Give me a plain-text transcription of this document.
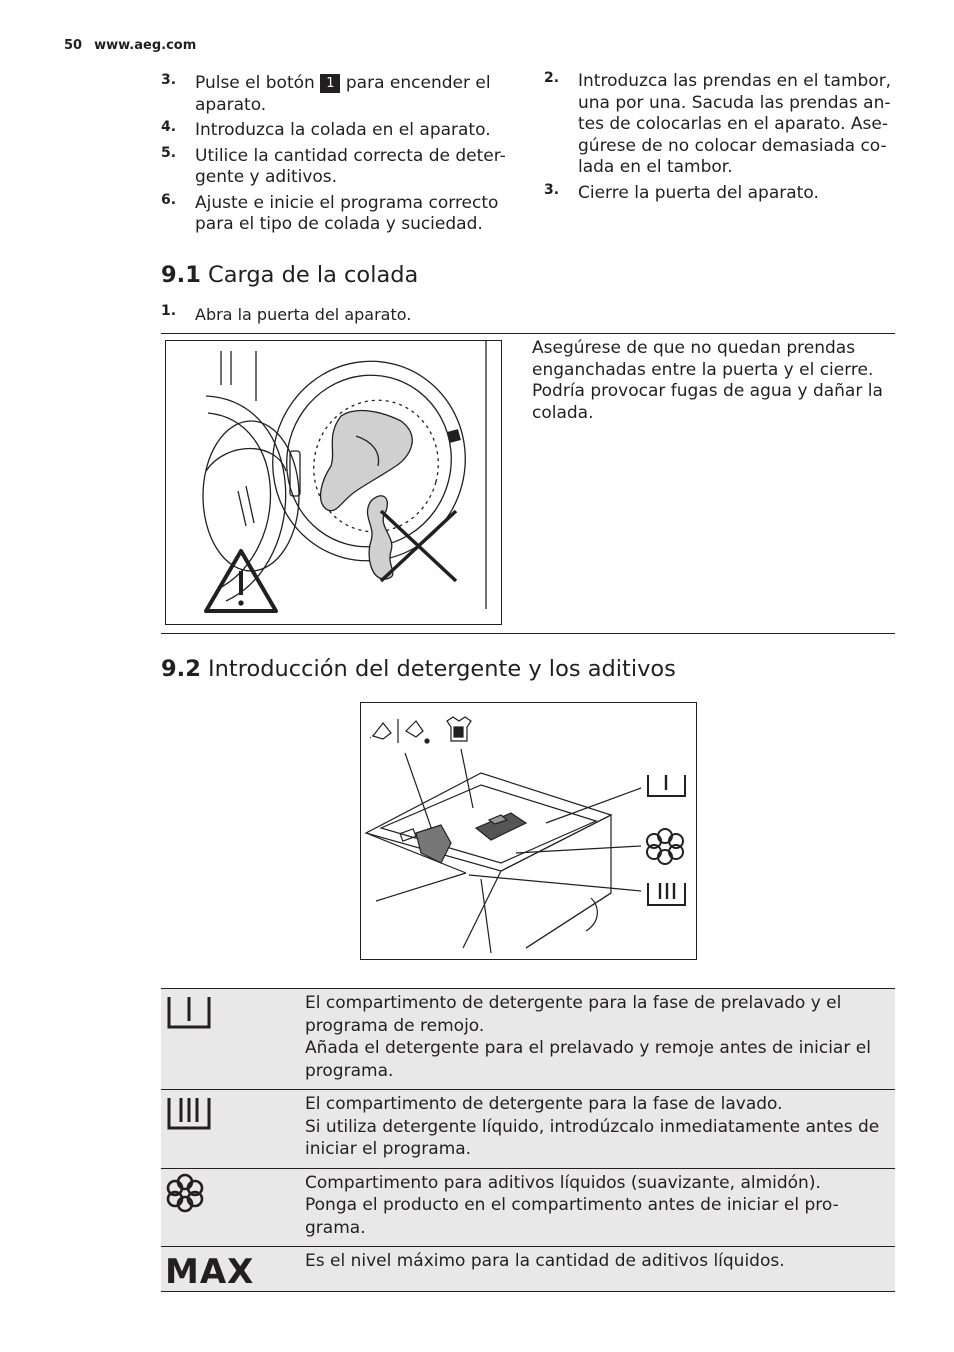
50 www.aeg.com
3. Pulse el botón 1 para encender el aparato.
4. Introduzca la colada en el aparato.
5. Utilice la cantidad correcta de deter-gente y aditivos.
6. Ajuste e inicie el programa correcto para el tipo de colada y suciedad.
2. Introduzca las prendas en el tambor, una por una. Sacuda las prendas an-tes de colocarlas en el aparato. Ase-gúrese de no colocar demasiada co-lada en el tambor.
3. Cierre la puerta del aparato.
9.1 Carga de la colada
1. Abra la puerta del aparato.
Asegúrese de que no quedan prendas enganchadas entre la puerta y el cierre. Podría provocar fugas de agua y dañar la colada.
9.2 Introducción del detergente y los aditivos

El compartimento de detergente para la fase de prelavado y el programa de remojo.
Añada el detergente para el prelavado y remoje antes de iniciar el programa.

El compartimento de detergente para la fase de lavado.
Si utiliza detergente líquido, introdúzcalo inmediatamente antes de iniciar el programa.

Compartimento para aditivos líquidos (suavizante, almidón).
Ponga el producto en el compartimento antes de iniciar el pro-grama.

MAX	Es el nivel máximo para la cantidad de aditivos líquidos.
